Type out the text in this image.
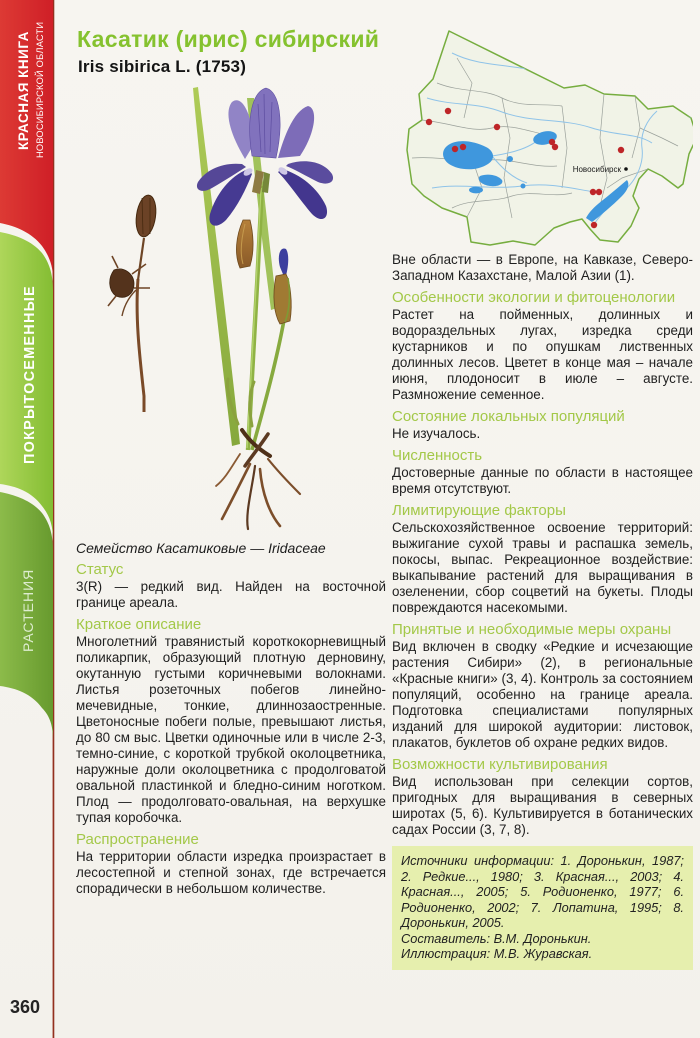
КРАСНАЯ КНИГА НОВОСИБИРСКОЙ ОБЛАСТИ
ПОКРЫТОСЕМЕННЫЕ
РАСТЕНИЯ
Касатик (ирис) сибирский
Iris sibirica L. (1753)

Семейство Касатиковые — Iridaceae

Статус

3(R) — редкий вид. Найден на восточной границе ареала.

Краткое описание

Многолетний травянистый короткокорневищный поликарпик, образующий плотную дерновину, окутанную густыми коричневыми волокнами. Листья розеточных побегов линейно-мечевидные, тонкие, длиннозаостренные. Цветоносные побеги полые, превышают листья, до 80 см выс. Цветки одиночные или в числе 2-3, темно-синие, с короткой трубкой околоцветника, наружные доли околоцветника с продолговатой овальной пластинкой и бледно-синим ноготком. Плод — продолговато-овальная, на верхушке тупая коробочка.

Распространение

На территории области изредка произрастает в лесостепной и степной зонах, где встречается спорадически в небольшом количестве.

Новосибирск

Вне области — в Европе, на Кавказе, Северо-Западном Казахстане, Малой Азии (1).

Особенности экологии и фитоценологии

Растет на пойменных, долинных и водораздельных лугах, изредка среди кустарников и по опушкам лиственных долинных лесов. Цветет в конце мая – начале июня, плодоносит в июле – августе. Размножение семенное.

Состояние локальных популяций

Не изучалось.

Численность

Достоверные данные по области в настоящее время отсутствуют.

Лимитирующие факторы

Сельскохозяйственное освоение территорий: выжигание сухой травы и распашка земель, покосы, выпас. Рекреационное воздействие: выкапывание растений для выращивания в озеленении, сбор соцветий на букеты. Плоды повреждаются насекомыми.

Принятые и необходимые меры охраны

Вид включен в сводку «Редкие и исчезающие растения Сибири» (2), в региональные «Красные книги» (3, 4). Контроль за состоянием популяций, особенно на границе ареала. Подготовка специалистами популярных изданий для широкой аудитории: листовок, плакатов, буклетов об охране редких видов.

Возможности культивирования

Вид использован при селекции сортов, пригодных для выращивания в северных широтах (5, 6). Культивируется в ботанических садах России (3, 7, 8).

Источники информации: 1. Доронькин, 1987; 2. Редкие..., 1980; 3. Красная..., 2003; 4. Красная..., 2005; 5. Родионенко, 1977; 6. Родионенко, 2002; 7. Лопатина, 1995; 8. Доронькин, 2005.

Составитель: В.М. Доронькин.

Иллюстрация: М.В. Журавская.

360
